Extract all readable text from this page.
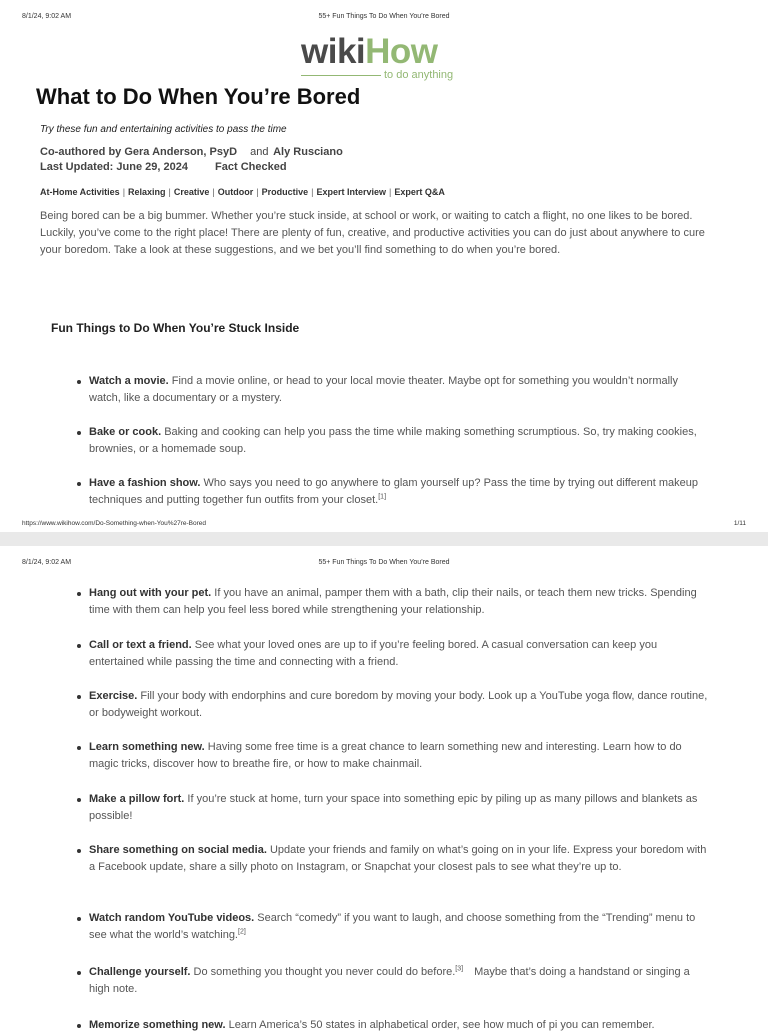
8/1/24, 9:02 AM	55+ Fun Things To Do When You’re Bored
wikiHow
to do anything
What to Do When You’re Bored
Try these fun and entertaining activities to pass the time
Co-authored by Gera Anderson, PsyD and Aly Rusciano
Last Updated: June 29, 2024 Fact Checked
At-Home Activities | Relaxing | Creative | Outdoor | Productive | Expert Interview | Expert Q&A

Being bored can be a big bummer. Whether you’re stuck inside, at school or work, or waiting to catch a flight, no one likes to be bored. Luckily, you’ve come to the right place! There are plenty of fun, creative, and productive activities you can do just about anywhere to cure your boredom. Take a look at these suggestions, and we bet you’ll find something to do when you’re bored.

Fun Things to Do When You’re Stuck Inside
Watch a movie. Find a movie online, or head to your local movie theater. Maybe opt for something you wouldn’t normally watch, like a documentary or a mystery.
Bake or cook. Baking and cooking can help you pass the time while making something scrumptious. So, try making cookies, brownies, or a homemade soup.
Have a fashion show. Who says you need to go anywhere to glam yourself up? Pass the time by trying out different makeup techniques and putting together fun outfits from your closet.[1]
https://www.wikihow.com/Do-Something-when-You%27re-Bored	1/11
8/1/24, 9:02 AM	55+ Fun Things To Do When You’re Bored
Hang out with your pet. If you have an animal, pamper them with a bath, clip their nails, or teach them new tricks. Spending time with them can help you feel less bored while strengthening your relationship.
Call or text a friend. See what your loved ones are up to if you’re feeling bored. A casual conversation can keep you entertained while passing the time and connecting with a friend.
Exercise. Fill your body with endorphins and cure boredom by moving your body. Look up a YouTube yoga flow, dance routine, or bodyweight workout.
Learn something new. Having some free time is a great chance to learn something new and interesting. Learn how to do magic tricks, discover how to breathe fire, or how to make chainmail.
Make a pillow fort. If you’re stuck at home, turn your space into something epic by piling up as many pillows and blankets as possible!
Share something on social media. Update your friends and family on what’s going on in your life. Express your boredom with a Facebook update, share a silly photo on Instagram, or Snapchat your closest pals to see what they’re up to.
Watch random YouTube videos. Search “comedy” if you want to laugh, and choose something from the “Trending” menu to see what the world’s watching.[2]
Challenge yourself. Do something you thought you never could do before.[3]  Maybe that’s doing a handstand or singing a high note.
Memorize something new. Learn America’s 50 states in alphabetical order, see how much of pi you can remember.
